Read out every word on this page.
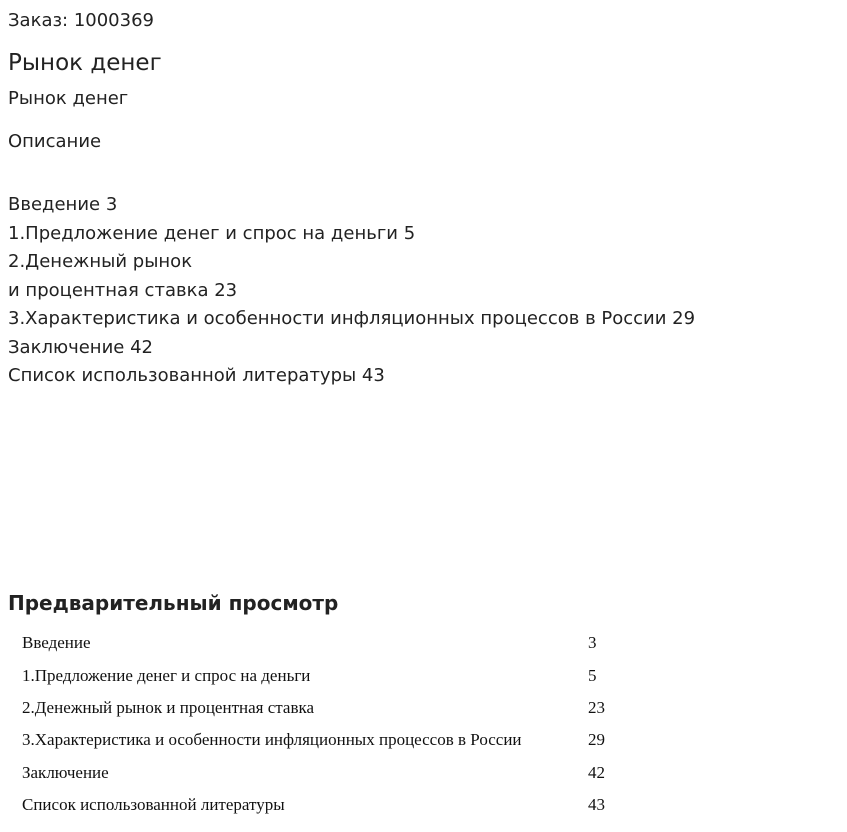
Заказ: 1000369
Рынок денег
Рынок денег
Описание
Введение 3
1.Предложение денег и спрос на деньги 5
2.Денежный рынок
и процентная ставка 23
3.Характеристика и особенности инфляционных процессов в России 29
Заключение 42
Список использованной литературы 43
Предварительный просмотр
Введение	3
1.Предложение денег и спрос на деньги	5
2.Денежный рынок и процентная ставка	23
3.Характеристика и особенности инфляционных процессов в России	29
Заключение	42
Список использованной литературы	43
